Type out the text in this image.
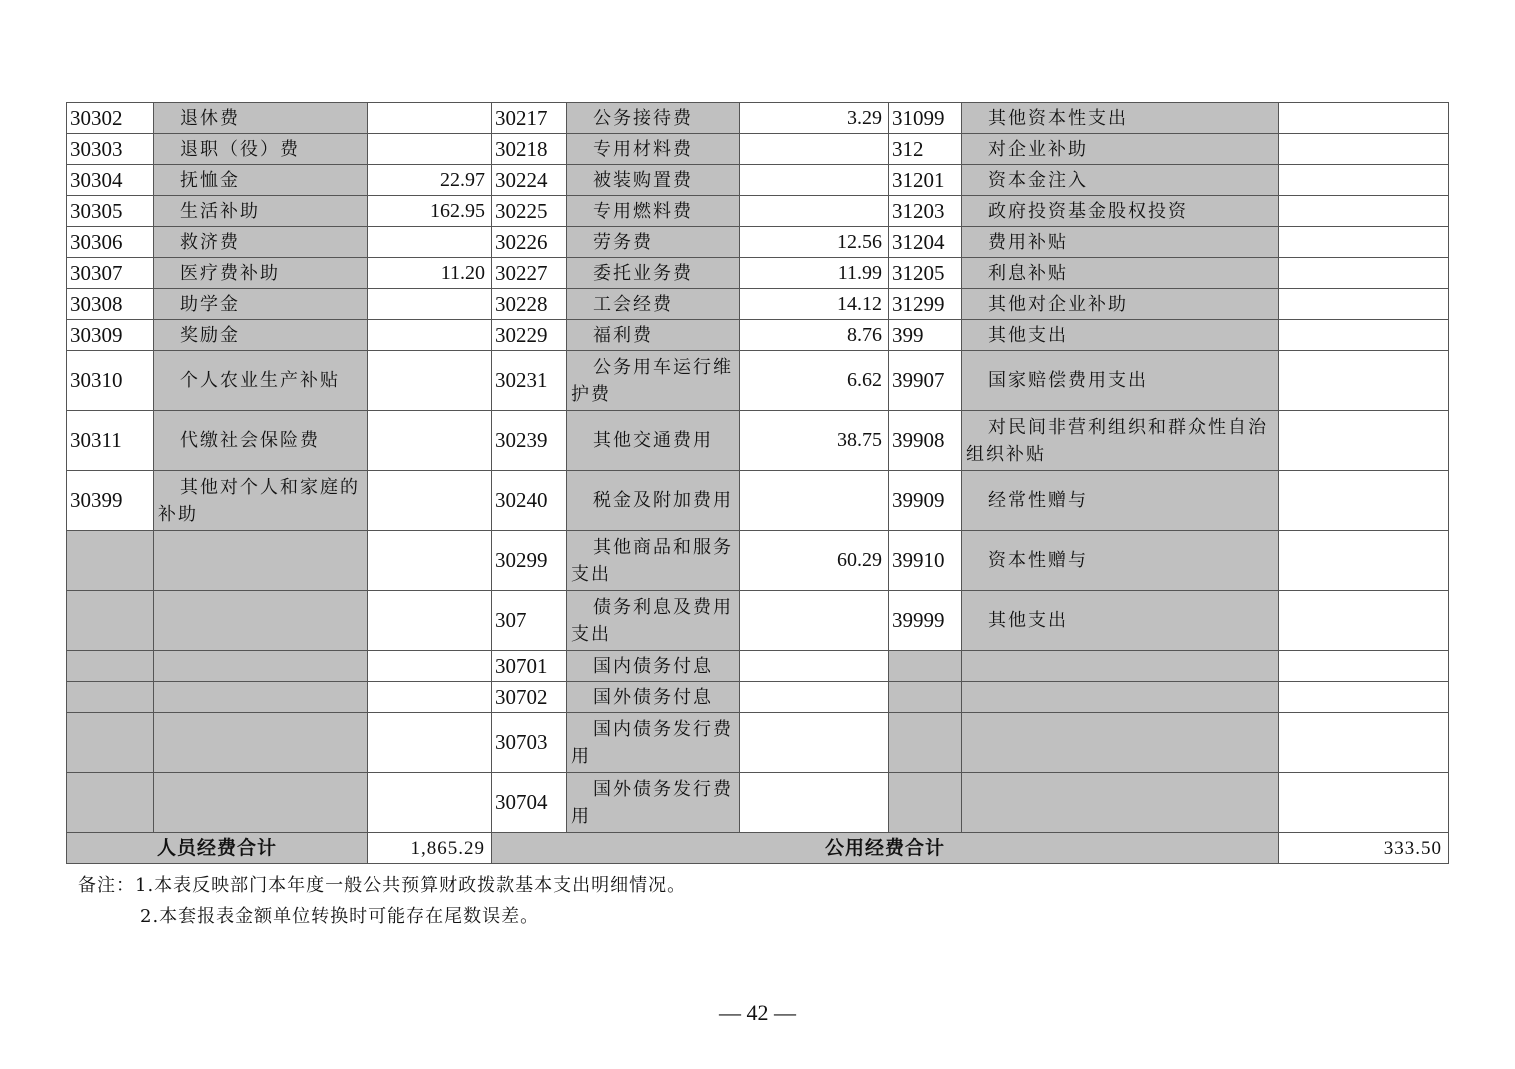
30302	退休费		30217	公务接待费	3.29	31099	其他资本性支出	
30303	退职（役）费		30218	专用材料费		312	对企业补助	
30304	抚恤金	22.97	30224	被装购置费		31201	资本金注入	
30305	生活补助	162.95	30225	专用燃料费		31203	政府投资基金股权投资	
30306	救济费		30226	劳务费	12.56	31204	费用补贴	
30307	医疗费补助	11.20	30227	委托业务费	11.99	31205	利息补贴	
30308	助学金		30228	工会经费	14.12	31299	其他对企业补助	
30309	奖励金		30229	福利费	8.76	399	其他支出	
30310	个人农业生产补贴		30231	公务用车运行维护费	6.62	39907	国家赔偿费用支出	
30311	代缴社会保险费		30239	其他交通费用	38.75	39908	对民间非营利组织和群众性自治组织补贴	
30399	其他对个人和家庭的补助		30240	税金及附加费用		39909	经常性赠与	
			30299	其他商品和服务支出	60.29	39910	资本性赠与	
			307	债务利息及费用支出		39999	其他支出	
			30701	国内债务付息				
			30702	国外债务付息				
			30703	国内债务发行费用				
			30704	国外债务发行费用				
人员经费合计		1,865.29	公用经费合计					333.50
备注：1.本表反映部门本年度一般公共预算财政拨款基本支出明细情况。
2.本套报表金额单位转换时可能存在尾数误差。
— 42 —
